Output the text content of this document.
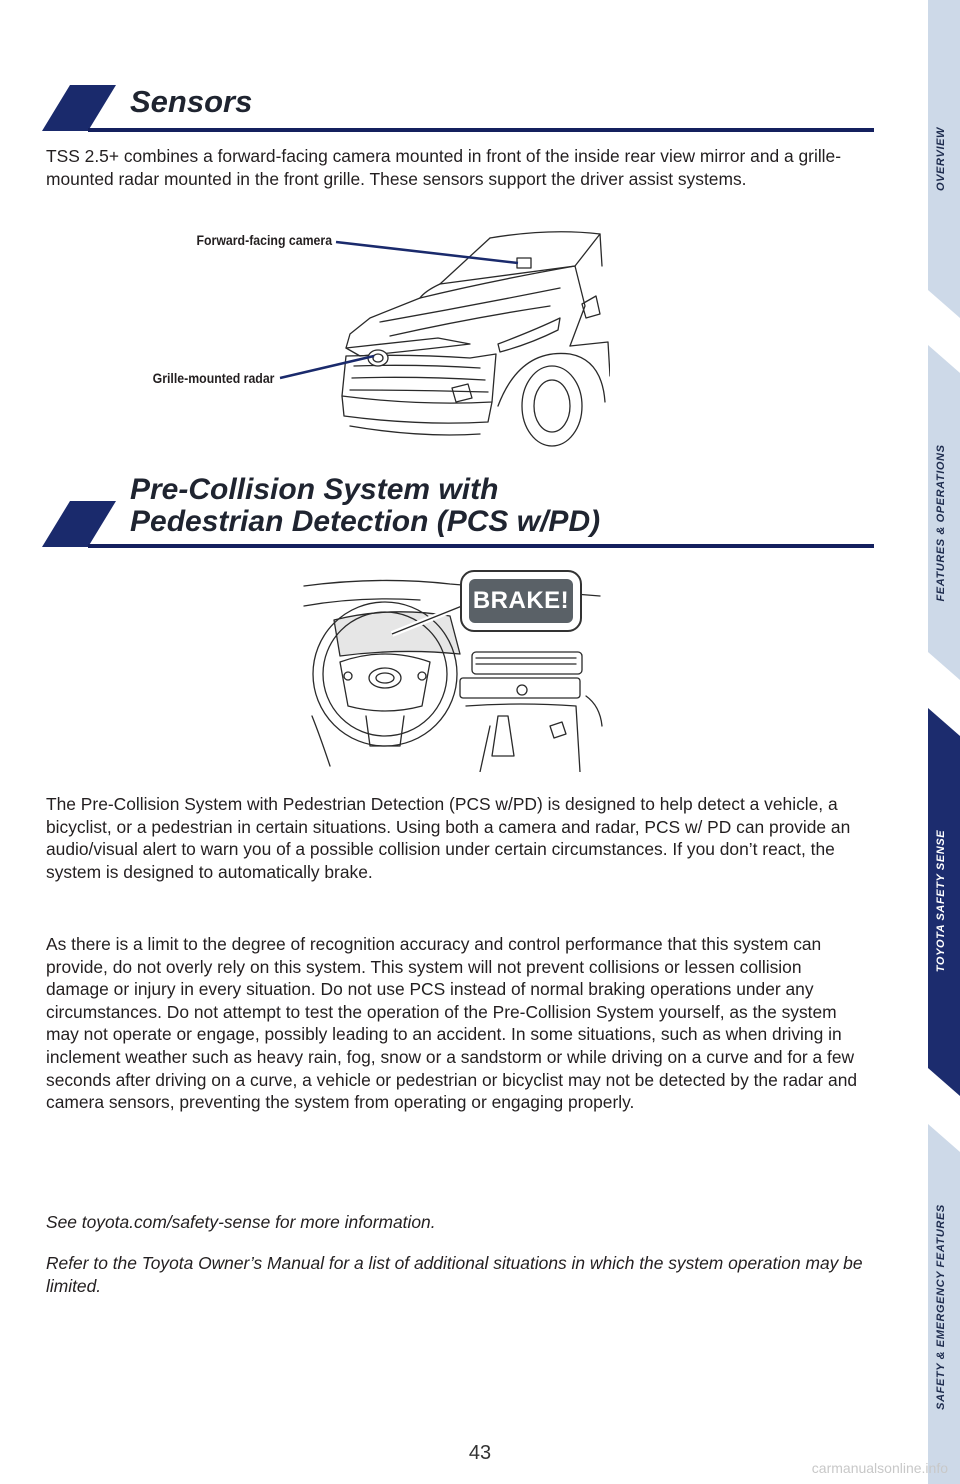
OVERVIEW
FEATURES & OPERATIONS
TOYOTA SAFETY SENSE
SAFETY & EMERGENCY FEATURES
Sensors

TSS 2.5+ combines a forward-facing camera mounted in front of the inside rear view mirror and a grille-mounted radar mounted in the front grille. These sensors support the driver assist systems.

Forward-facing camera
Grille-mounted radar
Pre-Collision System with
Pedestrian Detection (PCS w/PD)
BRAKE!

The Pre-Collision System with Pedestrian Detection (PCS w/PD) is designed to help detect a vehicle, a bicyclist, or a pedestrian in certain situations. Using both a camera and radar, PCS w/ PD can provide an audio/visual alert to warn you of a possible collision under certain circumstances. If you don’t react, the system is designed to automatically brake.

As there is a limit to the degree of recognition accuracy and control performance that this system can provide, do not overly rely on this system. This system will not prevent collisions or lessen collision damage or injury in every situation. Do not use PCS instead of normal braking operations under any circumstances. Do not attempt to test the operation of the Pre-Collision System yourself, as the system may not operate or engage, possibly leading to an accident. In some situations, such as when driving in inclement weather such as heavy rain, fog, snow or a sandstorm or while driving on a curve and for a few seconds after driving on a curve, a vehicle or pedestrian or bicyclist may not be detected by the radar and camera sensors, preventing the system from operating or engaging properly.

See toyota.com/safety-sense for more information.

Refer to the Toyota Owner’s Manual for a list of additional situations in which the system operation may be limited.

43
carmanualsonline.info
